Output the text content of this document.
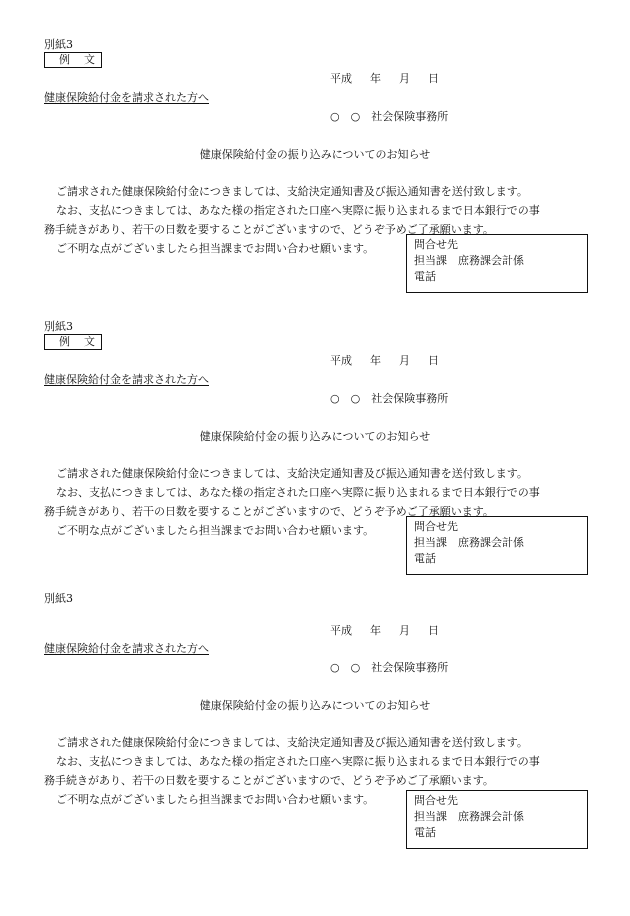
別紙3
例文
平成 年 月 日
健康保険給付金を請求された方へ
○　○　社会保険事務所
健康保険給付金の振り込みについてのお知らせ
ご請求された健康保険給付金につきましては、支給決定通知書及び振込通知書を送付致します。
なお、支払につきましては、あなた様の指定された口座へ実際に振り込まれるまで日本銀行での事
務手続きがあり、若干の日数を要することがございますので、どうぞ予めご了承願います。
ご不明な点がございましたら担当課までお問い合わせ願います。	問合せ先
担当課　庶務課会計係
電話
別紙3
例文
平成 年 月 日
健康保険給付金を請求された方へ
○　○　社会保険事務所
健康保険給付金の振り込みについてのお知らせ
ご請求された健康保険給付金につきましては、支給決定通知書及び振込通知書を送付致します。
なお、支払につきましては、あなた様の指定された口座へ実際に振り込まれるまで日本銀行での事
務手続きがあり、若干の日数を要することがございますので、どうぞ予めご了承願います。
ご不明な点がございましたら担当課までお問い合わせ願います。	問合せ先
担当課　庶務課会計係
電話
別紙3
平成 年 月 日
健康保険給付金を請求された方へ
○　○　社会保険事務所
健康保険給付金の振り込みについてのお知らせ
ご請求された健康保険給付金につきましては、支給決定通知書及び振込通知書を送付致します。
なお、支払につきましては、あなた様の指定された口座へ実際に振り込まれるまで日本銀行での事
務手続きがあり、若干の日数を要することがございますので、どうぞ予めご了承願います。
ご不明な点がございましたら担当課までお問い合わせ願います。	問合せ先
担当課　庶務課会計係
電話
